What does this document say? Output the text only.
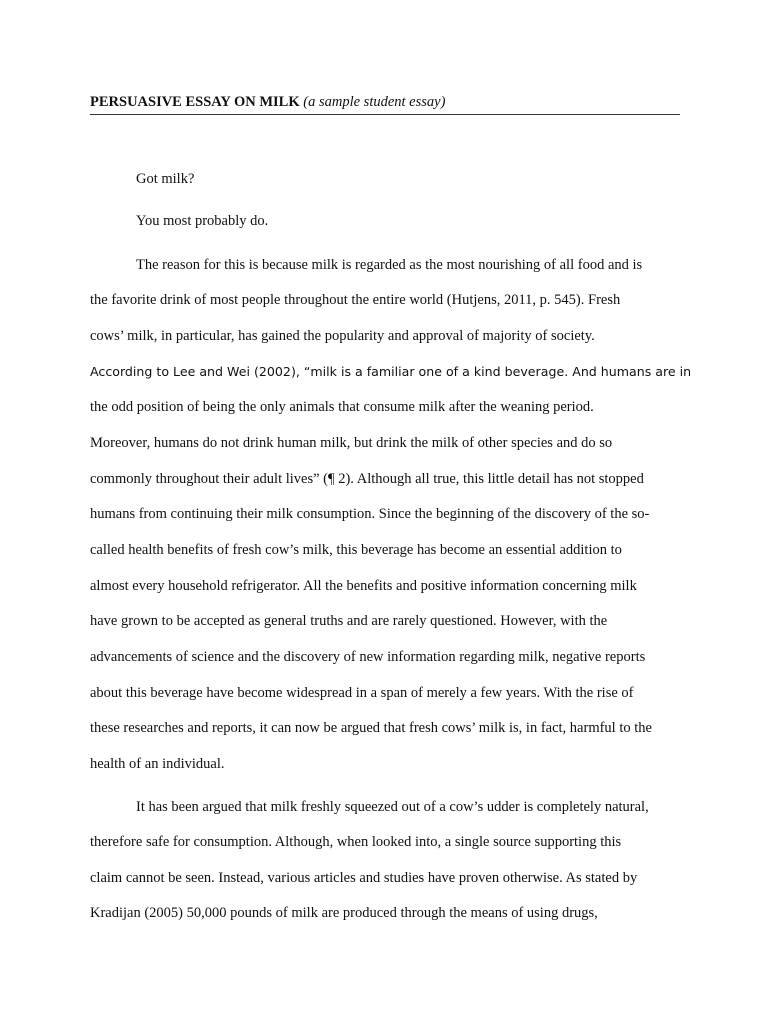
PERSUASIVE ESSAY ON MILK (a sample student essay)
Got milk?
You most probably do.
The reason for this is because milk is regarded as the most nourishing of all food and is
the favorite drink of most people throughout the entire world (Hutjens, 2011, p. 545). Fresh
cows’ milk, in particular, has gained the popularity and approval of majority of society.
According to Lee and Wei (2002), “milk is a familiar one of a kind beverage. And humans are in
the odd position of being the only animals that consume milk after the weaning period.
Moreover, humans do not drink human milk, but drink the milk of other species and do so
commonly throughout their adult lives” (¶ 2). Although all true, this little detail has not stopped
humans from continuing their milk consumption. Since the beginning of the discovery of the so-
called health benefits of fresh cow’s milk, this beverage has become an essential addition to
almost every household refrigerator. All the benefits and positive information concerning milk
have grown to be accepted as general truths and are rarely questioned. However, with the
advancements of science and the discovery of new information regarding milk, negative reports
about this beverage have become widespread in a span of merely a few years. With the rise of
these researches and reports, it can now be argued that fresh cows’ milk is, in fact, harmful to the
health of an individual.
It has been argued that milk freshly squeezed out of a cow’s udder is completely natural,
therefore safe for consumption. Although, when looked into, a single source supporting this
claim cannot be seen. Instead, various articles and studies have proven otherwise. As stated by
Kradijan (2005) 50,000 pounds of milk are produced through the means of using drugs,
